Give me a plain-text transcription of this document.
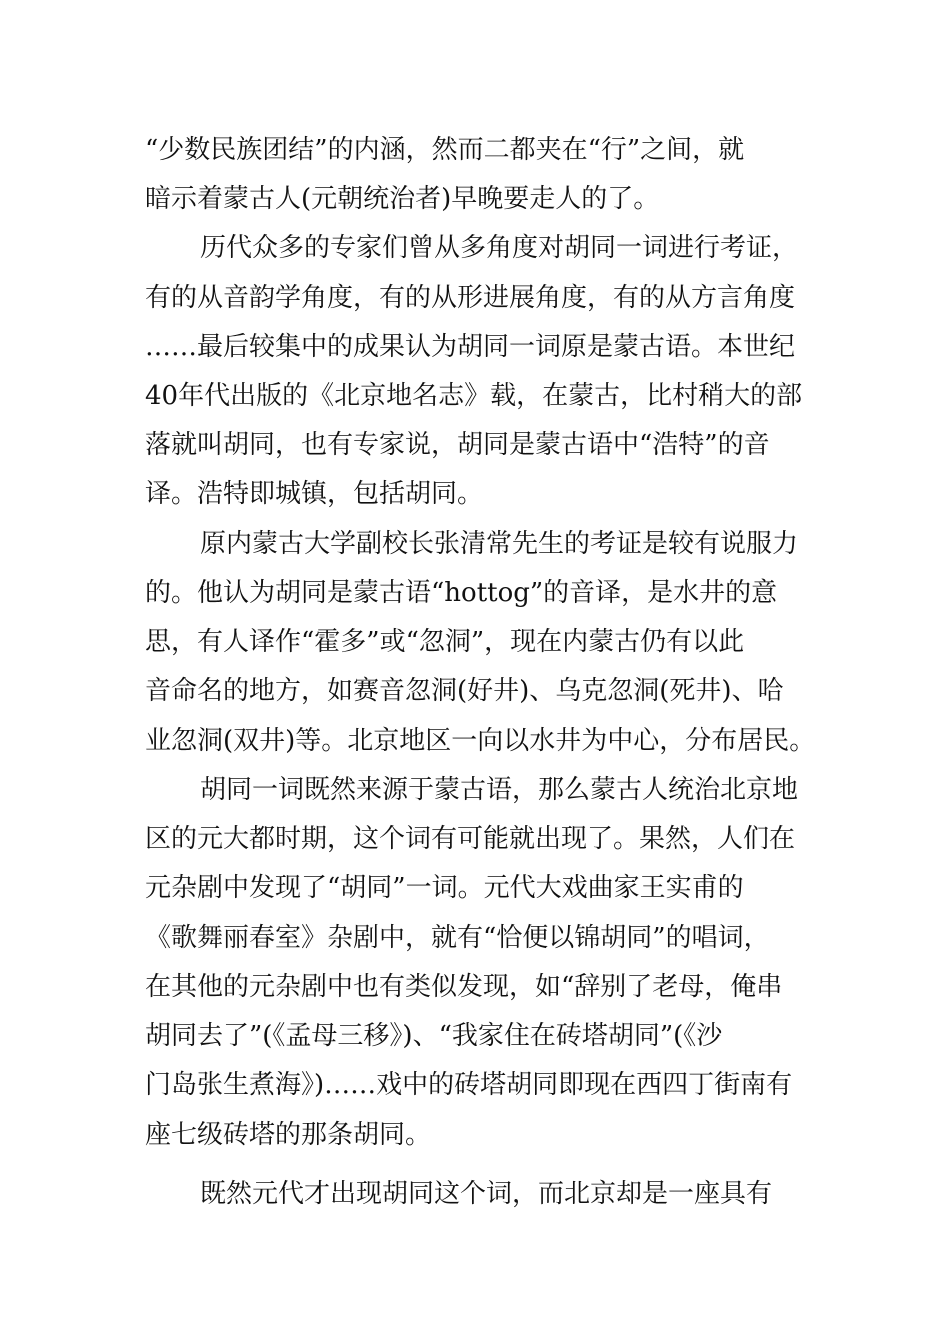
“少数民族团结”的内涵，然而二都夹在“行”之间，就

暗示着蒙古人(元朝统治者)早晚要走人的了。

历代众多的专家们曾从多角度对胡同一词进行考证，

有的从音韵学角度，有的从形进展角度，有的从方言角度

……最后较集中的成果认为胡同一词原是蒙古语。本世纪

40年代出版的《北京地名志》载，在蒙古，比村稍大的部

落就叫胡同，也有专家说，胡同是蒙古语中“浩特”的音

译。浩特即城镇，包括胡同。

原内蒙古大学副校长张清常先生的考证是较有说服力

的。他认为胡同是蒙古语“hottog”的音译，是水井的意

思，有人译作“霍多”或“忽洞”，现在内蒙古仍有以此

音命名的地方，如赛音忽洞(好井)、乌克忽洞(死井)、哈

业忽洞(双井)等。北京地区一向以水井为中心，分布居民。

胡同一词既然来源于蒙古语，那么蒙古人统治北京地

区的元大都时期，这个词有可能就出现了。果然，人们在

元杂剧中发现了“胡同”一词。元代大戏曲家王实甫的

《歌舞丽春室》杂剧中，就有“恰便以锦胡同”的唱词，

在其他的元杂剧中也有类似发现，如“辞别了老母，俺串

胡同去了”(《孟母三移》)、“我家住在砖塔胡同”(《沙

门岛张生煮海》)……戏中的砖塔胡同即现在西四丁街南有

座七级砖塔的那条胡同。

既然元代才出现胡同这个词，而北京却是一座具有
